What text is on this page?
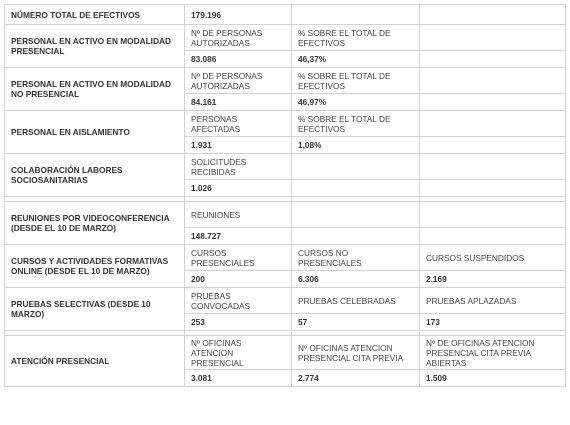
NÚMERO TOTAL DE EFECTIVOS	179.196		
PERSONAL EN ACTIVO EN MODALIDAD PRESENCIAL	Nº DE PERSONAS AUTORIZADAS	% SOBRE EL TOTAL DE EFECTIVOS	
	83.086	46,37%	
PERSONAL EN ACTIVO EN MODALIDAD NO PRESENCIAL	Nº DE PERSONAS AUTORIZADAS	% SOBRE EL TOTAL DE EFECTIVOS	
	84.161	46,97%	
PERSONAL EN AISLAMIENTO	PERSONAS AFECTADAS	% SOBRE EL TOTAL DE EFECTIVOS	
	1.931	1,08%	
COLABORACIÓN LABORES SOCIOSANITARIAS	SOLICITUDES RECIBIDAS		
	1.026		

REUNIONES POR VIDEOCONFERENCIA (DESDE EL 10 DE MARZO)	REUNIONES		
	148.727		
CURSOS Y ACTIVIDADES FORMATIVAS ONLINE (DESDE EL 10 DE MARZO)	CURSOS PRESENCIALES	CURSOS NO PRESENCIALES	CURSOS SUSPENDIDOS
	200	6.306	2.169
PRUEBAS SELECTIVAS (DESDE 10 MARZO)	PRUEBAS CONVOCADAS	PRUEBAS CELEBRADAS	PRUEBAS APLAZADAS
	253	57	173

ATENCIÓN PRESENCIAL	Nº OFICINAS ATENCION PRESENCIAL	Nº OFICINAS ATENCION PRESENCIAL CITA PREVIA	Nº DE OFICINAS ATENCION PRESENCIAL CITA PREVIA ABIERTAS
	3.081	2.774	1.509
